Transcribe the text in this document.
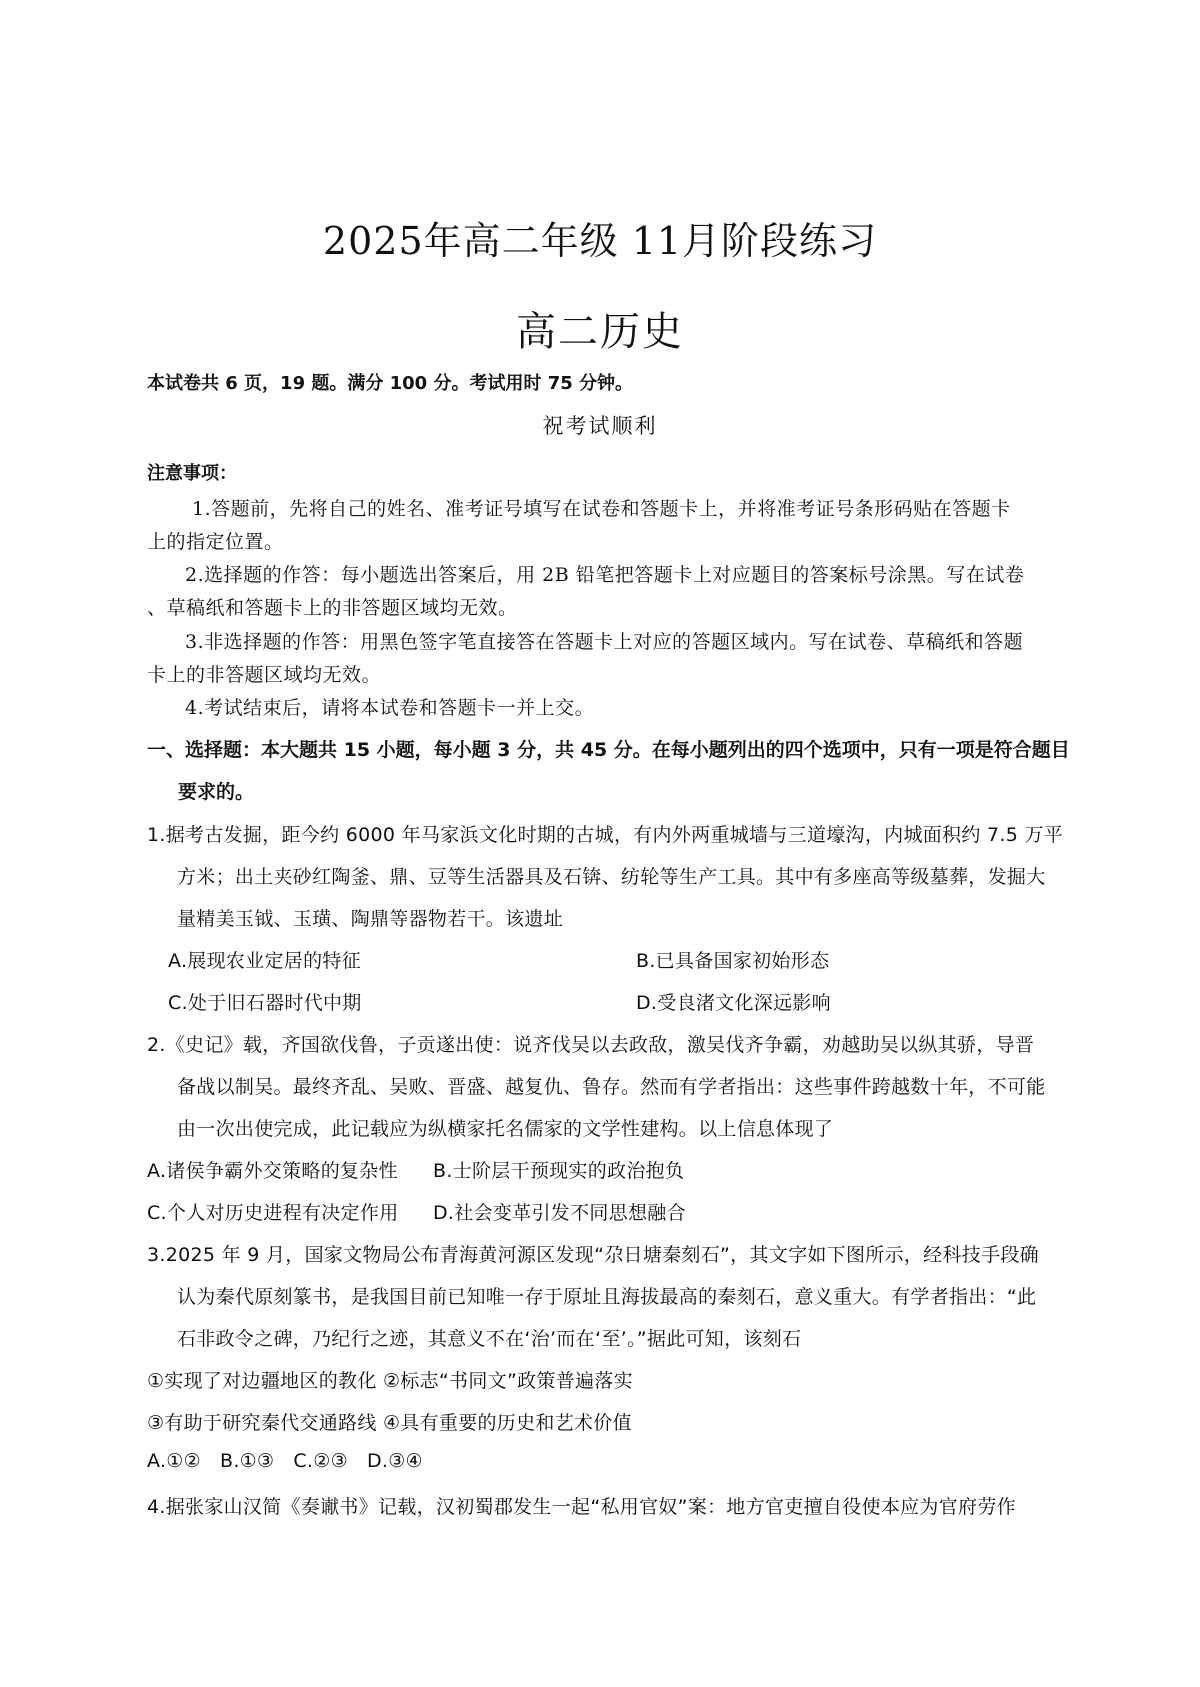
2025年高二年级 11月阶段练习
高二历史
本试卷共 6 页，19 题。满分 100 分。考试用时 75 分钟。
祝考试顺利
注意事项：
1.答题前，先将自己的姓名、准考证号填写在试卷和答题卡上，并将准考证号条形码贴在答题卡
上的指定位置。
2.选择题的作答：每小题选出答案后，用 2B 铅笔把答题卡上对应题目的答案标号涂黑。写在试卷
、草稿纸和答题卡上的非答题区域均无效。
3.非选择题的作答：用黑色签字笔直接答在答题卡上对应的答题区域内。写在试卷、草稿纸和答题
卡上的非答题区域均无效。
4.考试结束后，请将本试卷和答题卡一并上交。
一、选择题：本大题共 15 小题，每小题 3 分，共 45 分。在每小题列出的四个选项中，只有一项是符合题目
要求的。
1.据考古发掘，距今约 6000 年马家浜文化时期的古城，有内外两重城墙与三道壕沟，内城面积约 7.5 万平
方米；出土夹砂红陶釜、鼎、豆等生活器具及石锛、纺轮等生产工具。其中有多座高等级墓葬，发掘大
量精美玉钺、玉璜、陶鼎等器物若干。该遗址
A.展现农业定居的特征	B.已具备国家初始形态
C.处于旧石器时代中期	D.受良渚文化深远影响
2.《史记》载，齐国欲伐鲁，子贡遂出使：说齐伐吴以去政敌，激吴伐齐争霸，劝越助吴以纵其骄，导晋
备战以制吴。最终齐乱、吴败、晋盛、越复仇、鲁存。然而有学者指出：这些事件跨越数十年，不可能
由一次出使完成，此记载应为纵横家托名儒家的文学性建构。以上信息体现了
A.诸侯争霸外交策略的复杂性 B.士阶层干预现实的政治抱负
C.个人对历史进程有决定作用 D.社会变革引发不同思想融合
3.2025 年 9 月，国家文物局公布青海黄河源区发现“尕日塘秦刻石”，其文字如下图所示，经科技手段确
认为秦代原刻篆书，是我国目前已知唯一存于原址且海拔最高的秦刻石，意义重大。有学者指出：“此
石非政令之碑，乃纪行之迹，其意义不在‘治’而在‘至’。”据此可知，该刻石
①实现了对边疆地区的教化 ②标志“书同文”政策普遍落实
③有助于研究秦代交通路线 ④具有重要的历史和艺术价值
A.①②   B.①③   C.②③   D.③④
4.据张家山汉简《奏谳书》记载，汉初蜀郡发生一起“私用官奴”案：地方官吏擅自役使本应为官府劳作
